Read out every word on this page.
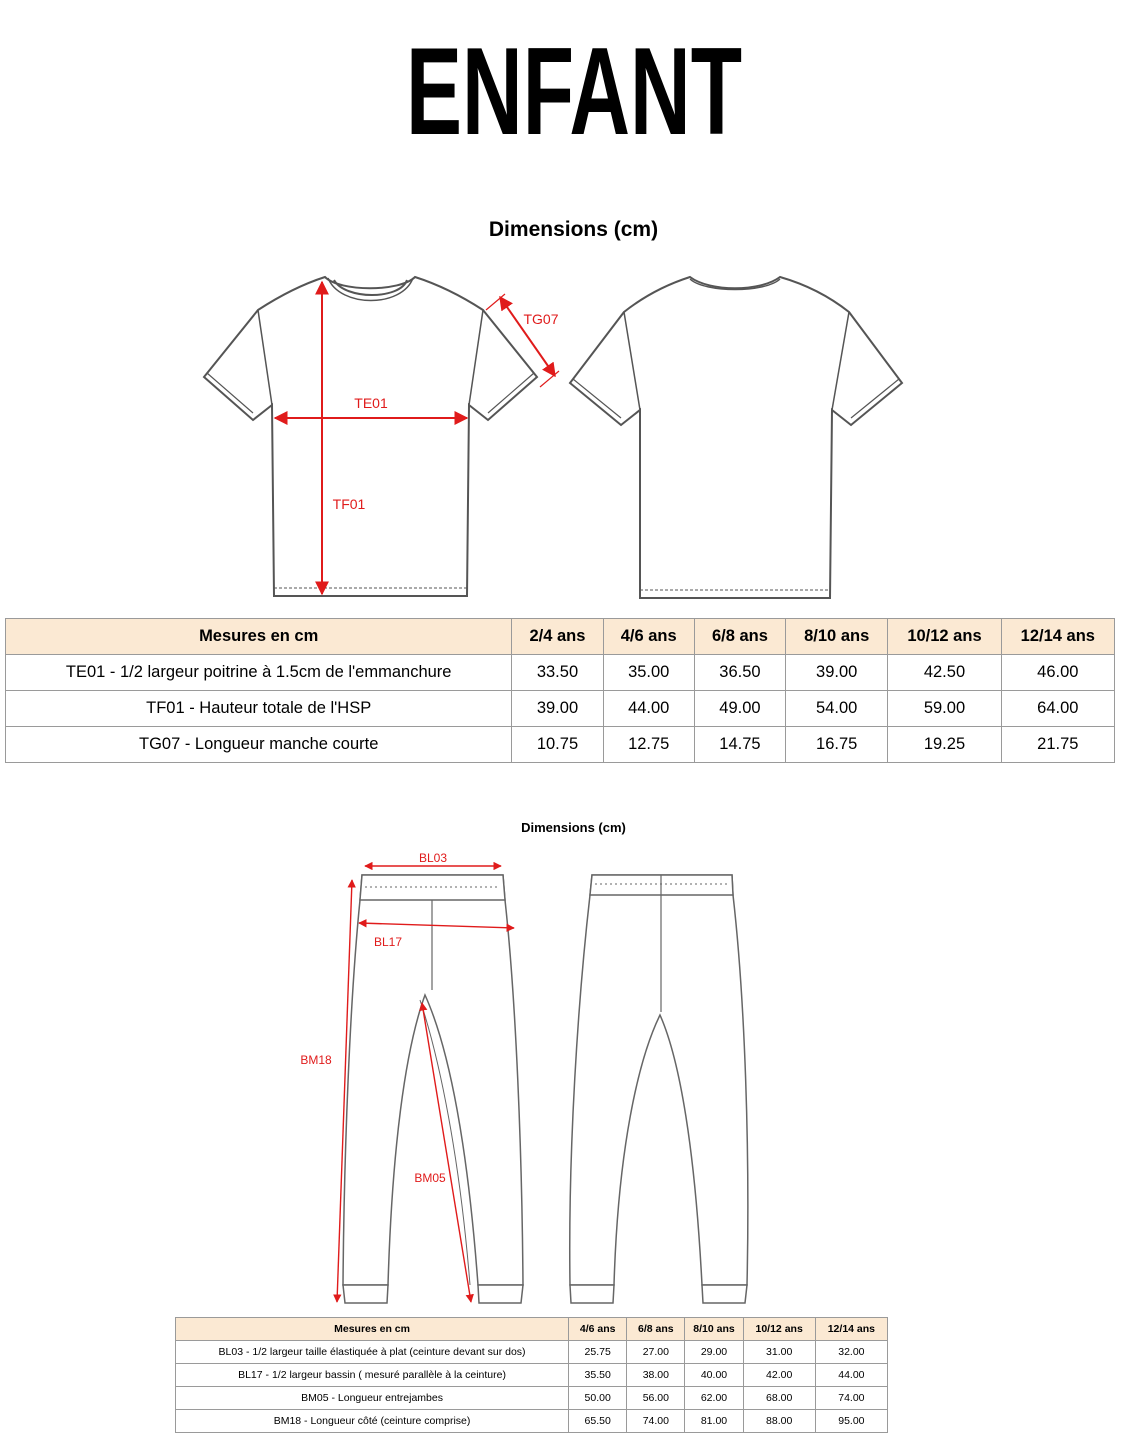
ENFANT
Dimensions (cm)
TE01
TF01
TG07
Mesures en cm	2/4 ans	4/6 ans	6/8 ans	8/10 ans	10/12 ans	12/14 ans
TE01 - 1/2 largeur poitrine à 1.5cm de l'emmanchure	33.50	35.00	36.50	39.00	42.50	46.00
TF01 - Hauteur totale de l'HSP	39.00	44.00	49.00	54.00	59.00	64.00
TG07 - Longueur manche courte	10.75	12.75	14.75	16.75	19.25	21.75
Dimensions (cm)
BL03
BL17
BM18
BM05
Mesures en cm	4/6 ans	6/8 ans	8/10 ans	10/12 ans	12/14 ans
BL03 - 1/2 largeur taille élastiquée à plat (ceinture devant sur dos)	25.75	27.00	29.00	31.00	32.00
BL17 - 1/2 largeur bassin ( mesuré parallèle à la ceinture)	35.50	38.00	40.00	42.00	44.00
BM05 - Longueur entrejambes	50.00	56.00	62.00	68.00	74.00
BM18 - Longueur côté (ceinture comprise)	65.50	74.00	81.00	88.00	95.00
